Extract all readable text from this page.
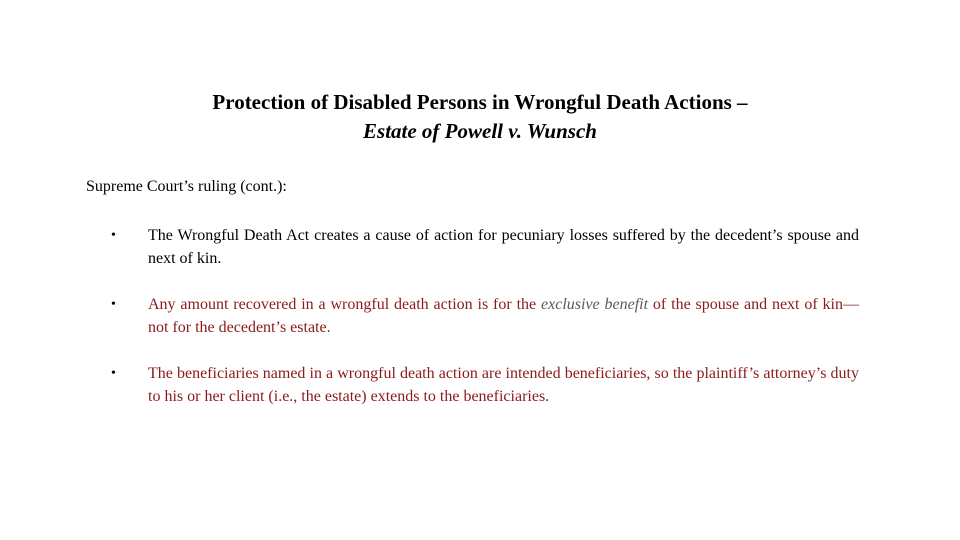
Protection of Disabled Persons in Wrongful Death Actions –
Estate of Powell v. Wunsch
Supreme Court’s ruling (cont.):
•	The Wrongful Death Act creates a cause of action for pecuniary losses suffered by the decedent’s spouse and next of kin.
•	Any amount recovered in a wrongful death action is for the exclusive benefit of the spouse and next of kin—not for the decedent’s estate.
•	The beneficiaries named in a wrongful death action are intended beneficiaries, so the plaintiff’s attorney’s duty to his or her client (i.e., the estate) extends to the beneficiaries.
